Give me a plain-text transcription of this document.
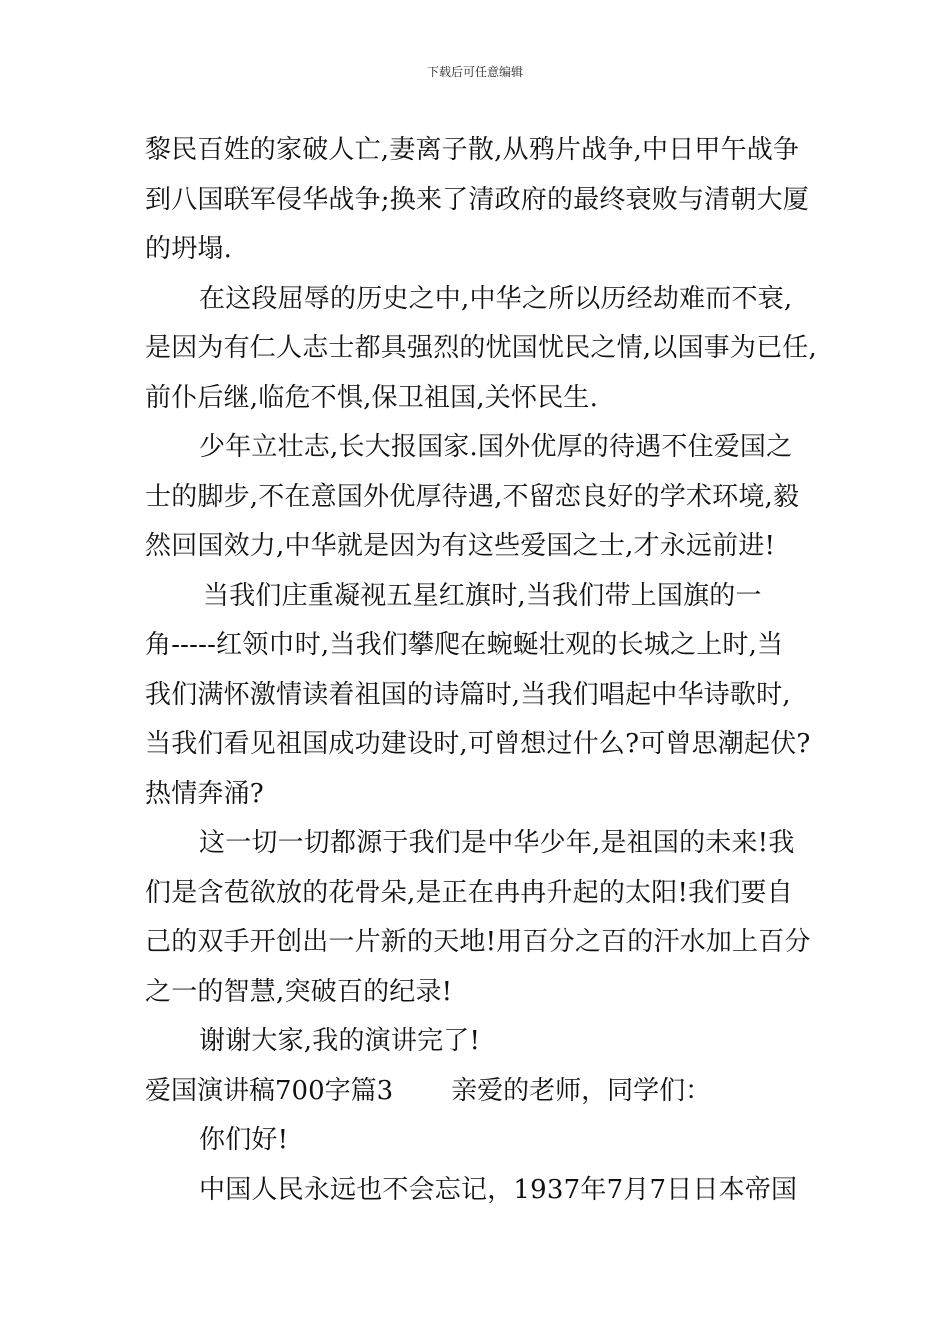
下载后可任意编辑
黎民百姓的家破人亡,妻离子散,从鸦片战争,中日甲午战争
到八国联军侵华战争;换来了清政府的最终衰败与清朝大厦
的坍塌.
在这段屈辱的历史之中,中华之所以历经劫难而不衰,
是因为有仁人志士都具强烈的忧国忧民之情,以国事为已任,
前仆后继,临危不惧,保卫祖国,关怀民生.
少年立壮志,长大报国家.国外优厚的待遇不住爱国之
士的脚步,不在意国外优厚待遇,不留恋良好的学术环境,毅
然回国效力,中华就是因为有这些爱国之士,才永远前进!
当我们庄重凝视五星红旗时,当我们带上国旗的一
角-----红领巾时,当我们攀爬在蜿蜒壮观的长城之上时,当
我们满怀激情读着祖国的诗篇时,当我们唱起中华诗歌时,
当我们看见祖国成功建设时,可曾想过什么?可曾思潮起伏?
热情奔涌?
这一切一切都源于我们是中华少年,是祖国的未来!我
们是含苞欲放的花骨朵,是正在冉冉升起的太阳!我们要自
己的双手开创出一片新的天地!用百分之百的汗水加上百分
之一的智慧,突破百的纪录!
谢谢大家,我的演讲完了!
爱国演讲稿700字篇3 亲爱的老师，同学们：
你们好!
中国人民永远也不会忘记，1937年7月7日日本帝国
